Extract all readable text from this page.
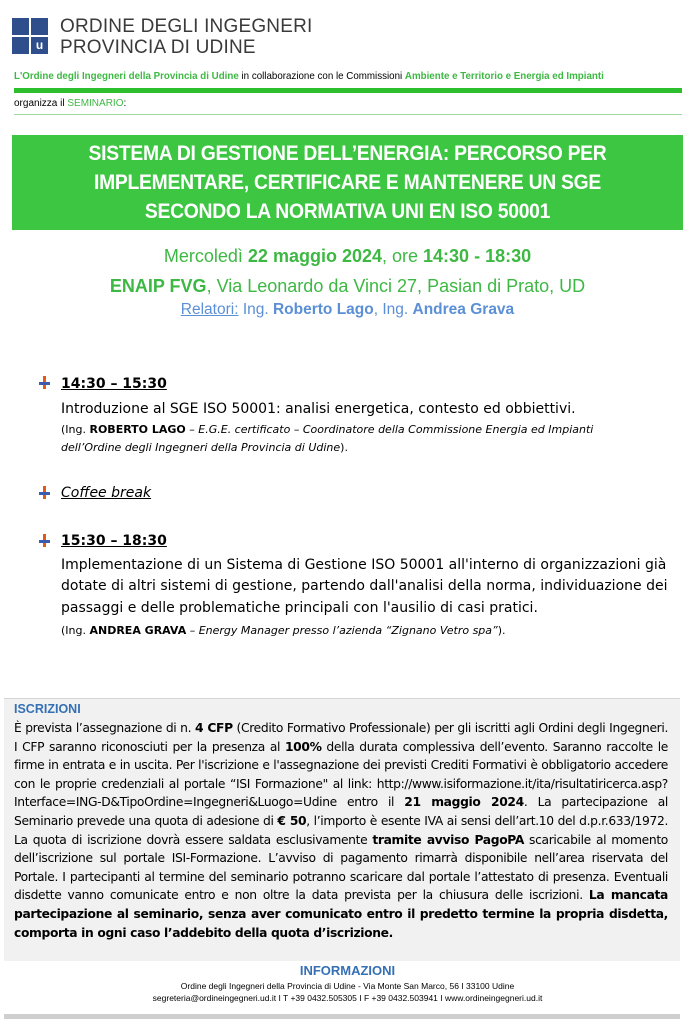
u
ORDINE DEGLI INGEGNERI
PROVINCIA DI UDINE
L'Ordine degli Ingegneri della Provincia di Udine in collaborazione con le Commissioni Ambiente e Territorio e Energia ed Impianti
organizza il SEMINARIO:
SISTEMA DI GESTIONE DELL’ENERGIA: PERCORSO PER
IMPLEMENTARE, CERTIFICARE E MANTENERE UN SGE
SECONDO LA NORMATIVA UNI EN ISO 50001
Mercoledì 22 maggio 2024, ore 14:30 - 18:30
ENAIP FVG, Via Leonardo da Vinci 27, Pasian di Prato, UD
Relatori: Ing. Roberto Lago, Ing. Andrea Grava
14:30 – 15:30
Introduzione al SGE ISO 50001: analisi energetica, contesto ed obbiettivi.
(Ing. ROBERTO LAGO – E.G.E. certificato – Coordinatore della Commissione Energia ed Impianti
dell’Ordine degli Ingegneri della Provincia di Udine).
Coffee break
15:30 – 18:30
Implementazione di un Sistema di Gestione ISO 50001 all'interno di organizzazioni già
dotate di altri sistemi di gestione, partendo dall'analisi della norma, individuazione dei
passaggi e delle problematiche principali con l'ausilio di casi pratici.
(Ing. ANDREA GRAVA – Energy Manager presso l’azienda “Zignano Vetro spa”).
ISCRIZIONI
È prevista l’assegnazione di n. 4 CFP (Credito Formativo Professionale) per gli iscritti agli Ordini degli Ingegneri. I CFP saranno riconosciuti per la presenza al 100% della durata complessiva dell’evento. Saranno raccolte le firme in entrata e in uscita. Per l'iscrizione e l'assegnazione dei previsti Crediti Formativi è obbligatorio accedere con le proprie credenziali al portale “ISI Formazione" al link: http://www.isiformazione.it/ita/risultatiricerca.asp?Interface=ING-D&TipoOrdine=Ingegneri&Luogo=Udine entro il 21 maggio 2024. La partecipazione al Seminario prevede una quota di adesione di € 50, l’importo è esente IVA ai sensi dell’art.10 del d.p.r.633/1972. La quota di iscrizione dovrà essere saldata esclusivamente tramite avviso PagoPA scaricabile al momento dell’iscrizione sul portale ISI-Formazione. L’avviso di pagamento rimarrà disponibile nell’area riservata del Portale. I partecipanti al termine del seminario potranno scaricare dal portale l’attestato di presenza. Eventuali disdette vanno comunicate entro e non oltre la data prevista per la chiusura delle iscrizioni. La mancata partecipazione al seminario, senza aver comunicato entro il predetto termine la propria disdetta, comporta in ogni caso l’addebito della quota d’iscrizione.
INFORMAZIONI
Ordine degli Ingegneri della Provincia di Udine - Via Monte San Marco, 56 I 33100 Udine
segreteria@ordineingegneri.ud.it I T +39 0432.505305 I F +39 0432.503941 I www.ordineingegneri.ud.it
